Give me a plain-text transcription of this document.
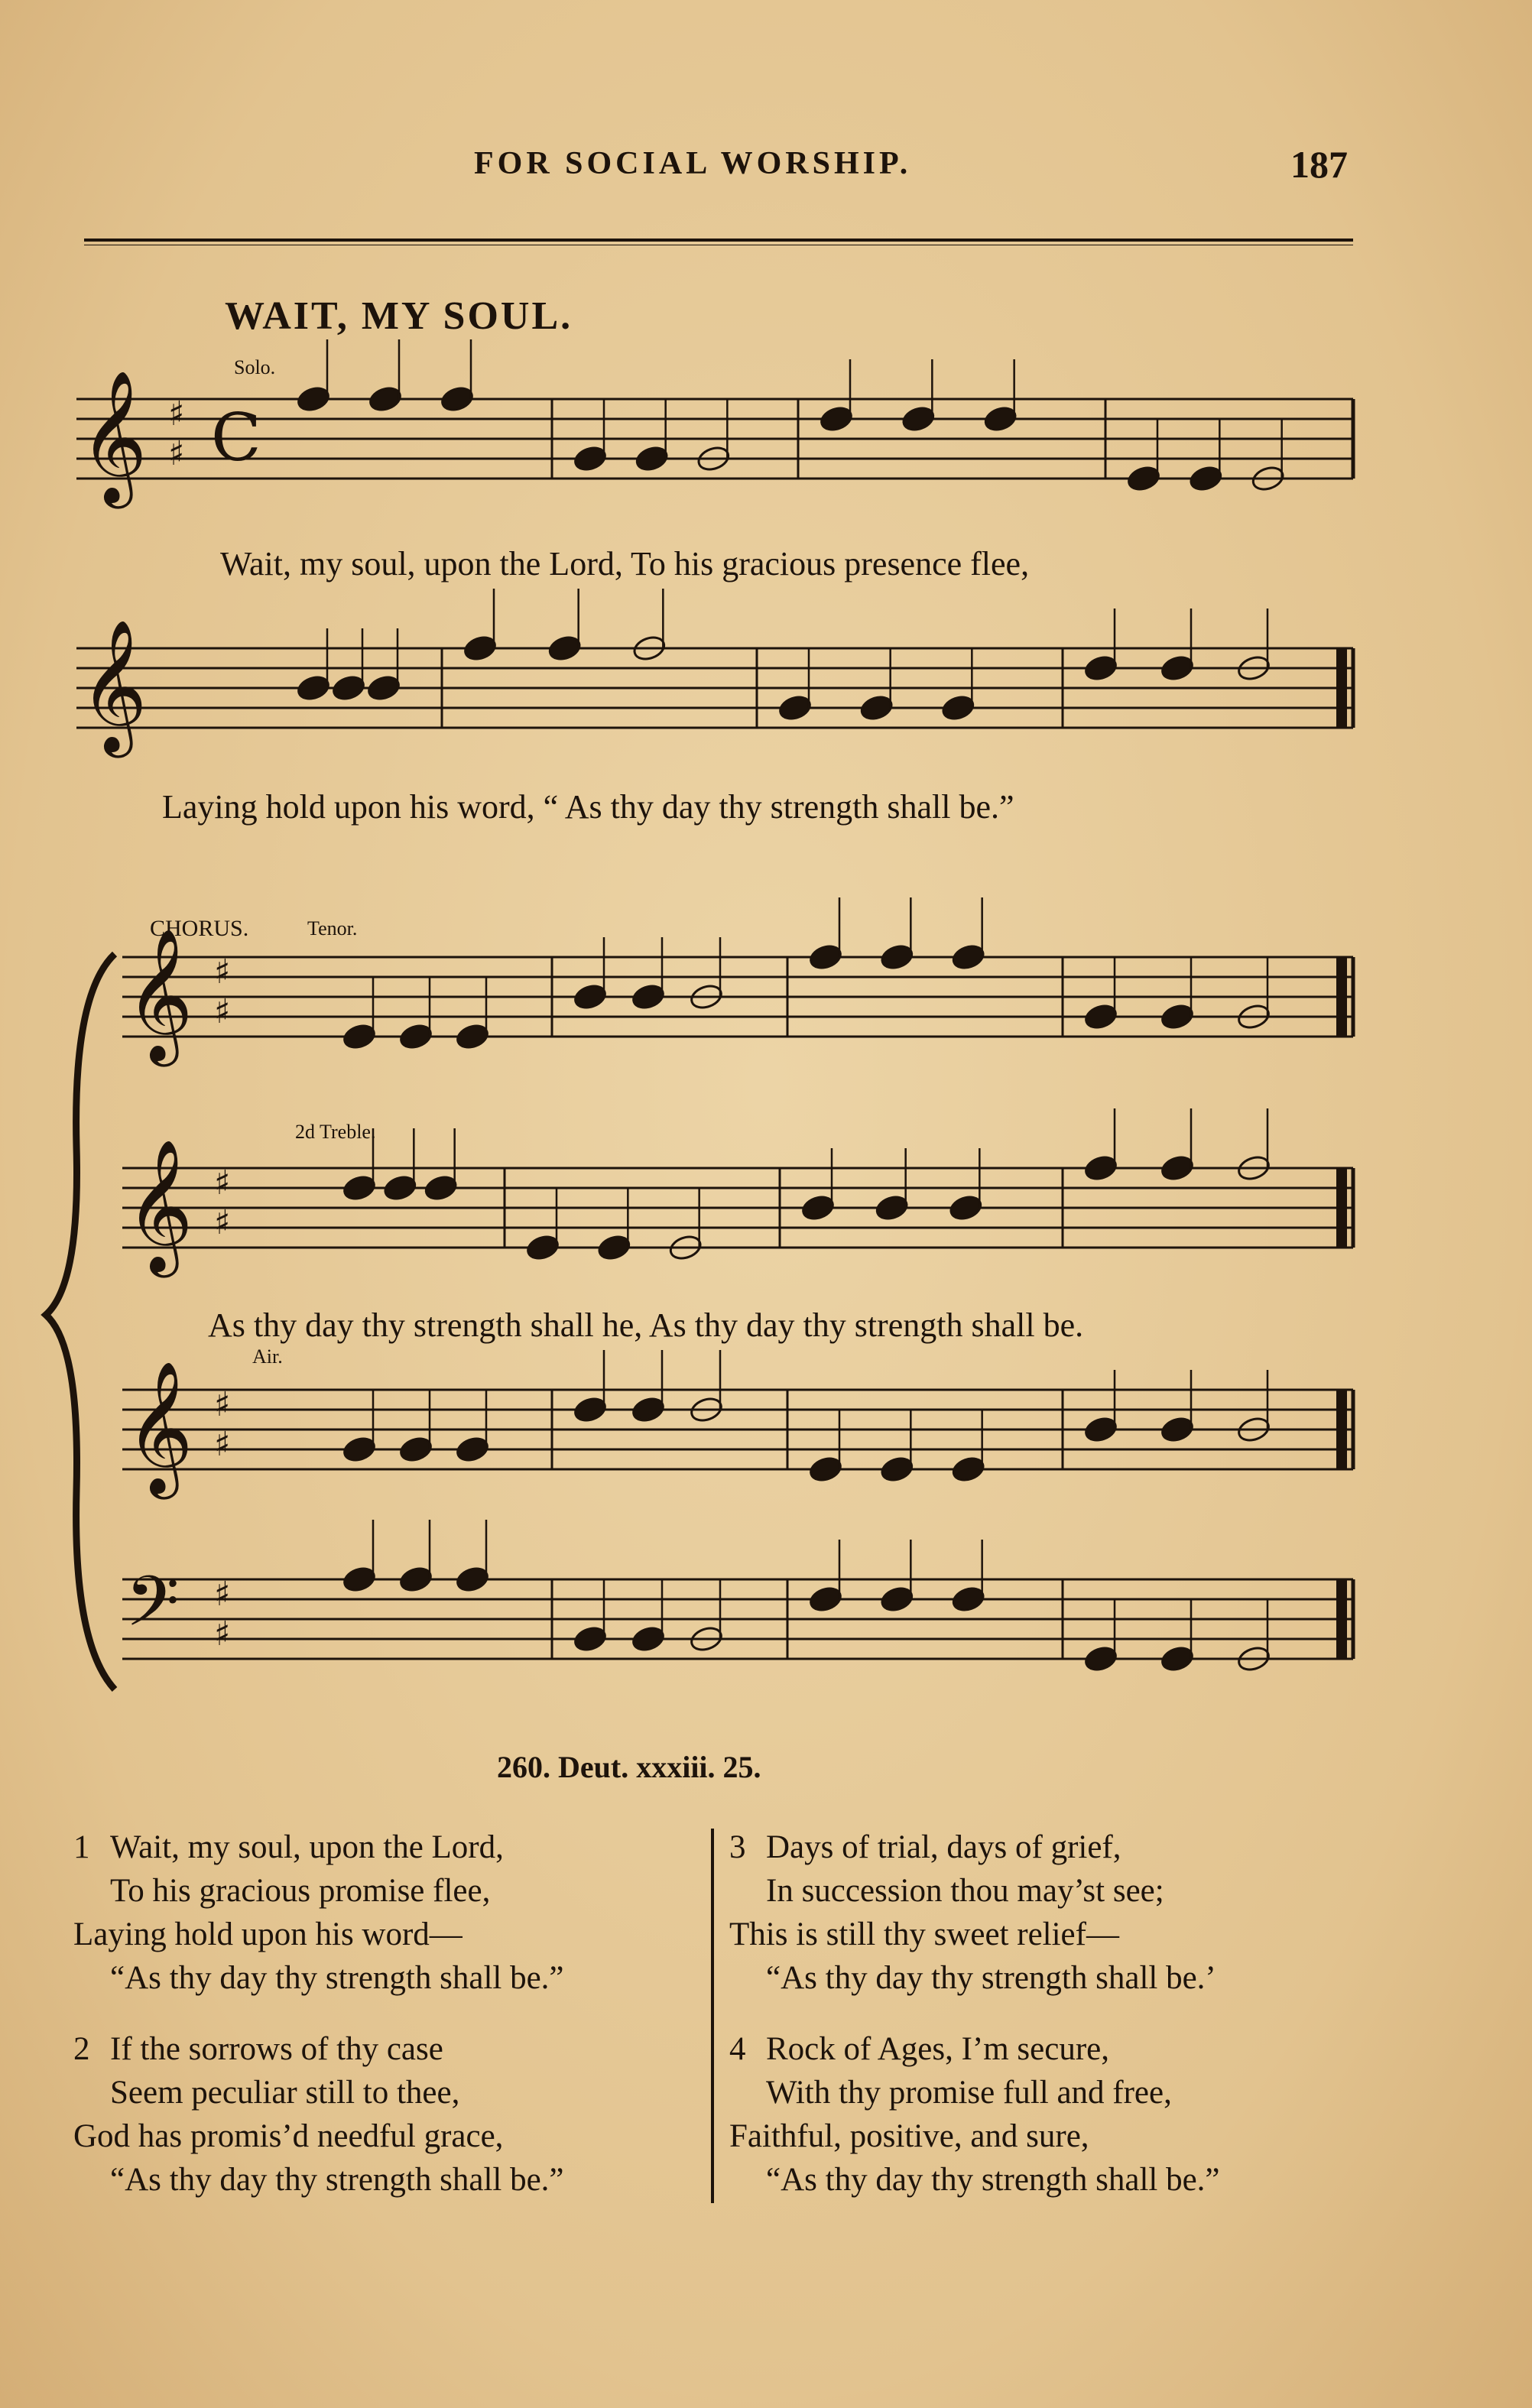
FOR SOCIAL WORSHIP.	187
WAIT, MY SOUL.
Solo.
𝄞 ♯
♯ C
𝄞
𝄞 ♯
♯
𝄞 ♯
♯
𝄞 ♯
♯
𝄢 ♯
♯
Wait, my soul, upon the Lord, To his gracious presence flee,
Laying hold upon his word, “ As thy day thy strength shall be.”
CHORUS.	Tenor.
2d Treble.
As thy day thy strength shall he, As thy day thy strength shall be.
Air.
260. Deut. xxxiii. 25.
1 Wait, my soul, upon the Lord,
To his gracious promise flee,
Laying hold upon his word—
“As thy day thy strength shall be.”
2 If the sorrows of thy case
Seem peculiar still to thee,
God has promis’d needful grace,
“As thy day thy strength shall be.”
3 Days of trial, days of grief,
In succession thou may’st see;
This is still thy sweet relief—
“As thy day thy strength shall be.’
4 Rock of Ages, I’m secure,
With thy promise full and free,
Faithful, positive, and sure,
“As thy day thy strength shall be.”
